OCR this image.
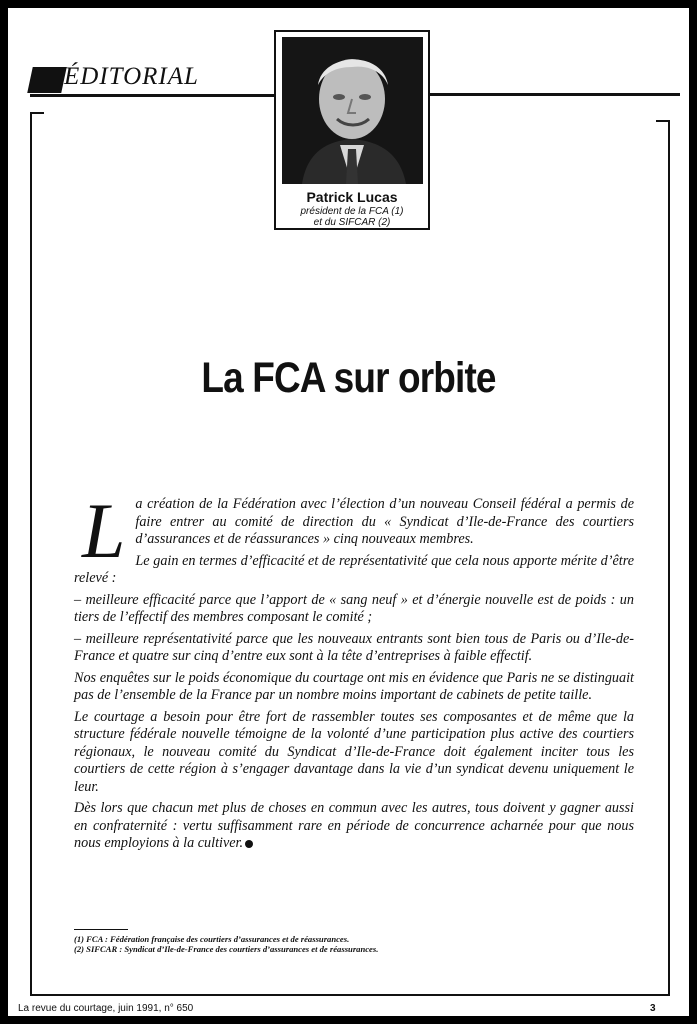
ÉDITORIAL
Patrick Lucas
président de la FCA (1)
et du SIFCAR (2)
La FCA sur orbite

La création de la Fédération avec l’élection d’un nouveau Conseil fédéral a permis de faire entrer au comité de direction du « Syndicat d’Ile-de-France des courtiers d’assurances et de réassurances » cinq nouveaux membres.

Le gain en termes d’efficacité et de représentativité que cela nous apporte mérite d’être relevé :

– meilleure efficacité parce que l’apport de « sang neuf » et d’énergie nouvelle est de poids : un tiers de l’effectif des membres composant le comité ;

– meilleure représentativité parce que les nouveaux entrants sont bien tous de Paris ou d’Ile-de-France et quatre sur cinq d’entre eux sont à la tête d’entreprises à faible effectif.

Nos enquêtes sur le poids économique du courtage ont mis en évidence que Paris ne se distinguait pas de l’ensemble de la France par un nombre moins important de cabinets de petite taille.

Le courtage a besoin pour être fort de rassembler toutes ses composantes et de même que la structure fédérale nouvelle témoigne de la volonté d’une participation plus active des courtiers régionaux, le nouveau comité du Syndicat d’Ile-de-France doit également inciter tous les courtiers de cette région à s’engager davantage dans la vie d’un syndicat devenu uniquement le leur.

Dès lors que chacun met plus de choses en commun avec les autres, tous doivent y gagner aussi en confraternité : vertu suffisamment rare en période de concurrence acharnée pour que nous nous employions à la cultiver.

(1) FCA : Fédération française des courtiers d’assurances et de réassurances.
(2) SIFCAR : Syndicat d’Ile-de-France des courtiers d’assurances et de réassurances.
La revue du courtage, juin 1991, n° 650	3
